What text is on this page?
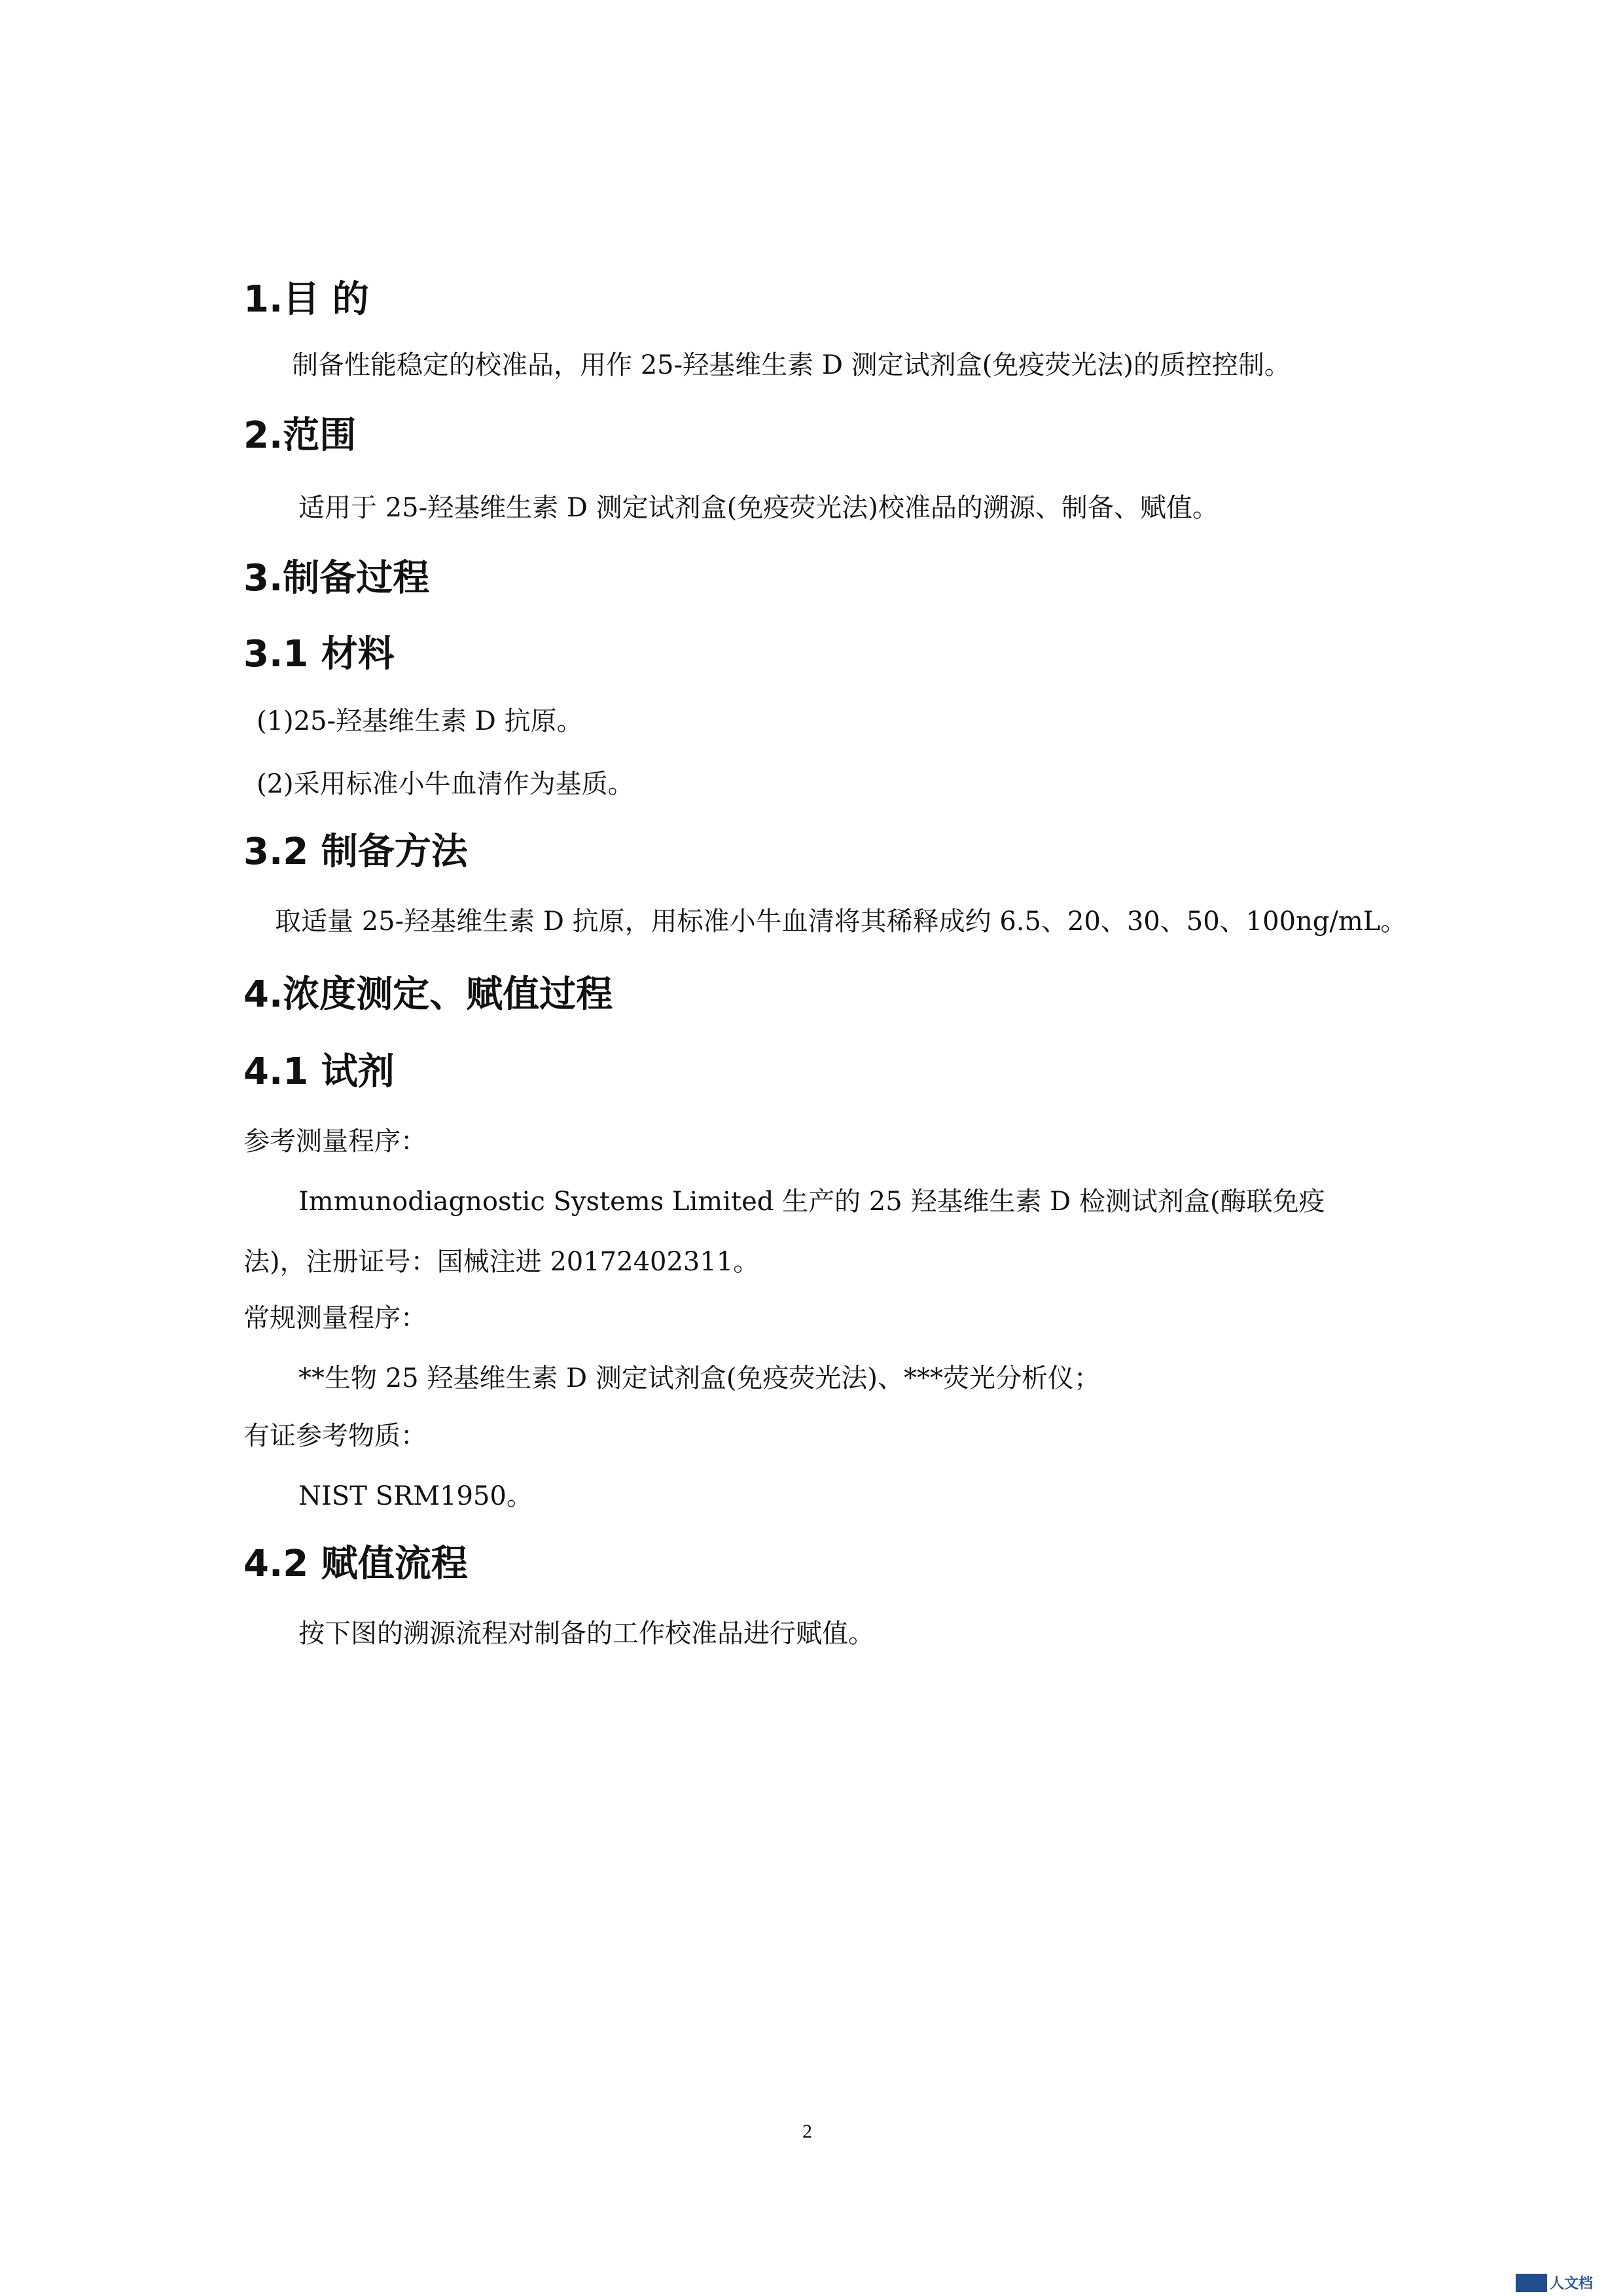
1.目 的

制备性能稳定的校准品，用作 25-羟基维生素 D 测定试剂盒(免疫荧光法)的质控控制。

2.范围

适用于 25-羟基维生素 D 测定试剂盒(免疫荧光法)校准品的溯源、制备、赋值。

3.制备过程
3.1 材料

(1)25-羟基维生素 D 抗原。

(2)采用标准小牛血清作为基质。

3.2 制备方法

取适量 25-羟基维生素 D 抗原，用标准小牛血清将其稀释成约 6.5、20、30、50、100ng/mL。

4.浓度测定、赋值过程
4.1 试剂

参考测量程序：

Immunodiagnostic Systems Limited 生产的 25 羟基维生素 D 检测试剂盒(酶联免疫

法)，注册证号：国械注进 20172402311。

常规测量程序：

**生物 25 羟基维生素 D 测定试剂盒(免疫荧光法)、***荧光分析仪；

有证参考物质：

NIST SRM1950。

4.2 赋值流程

按下图的溯源流程对制备的工作校准品进行赋值。

2
人文档
